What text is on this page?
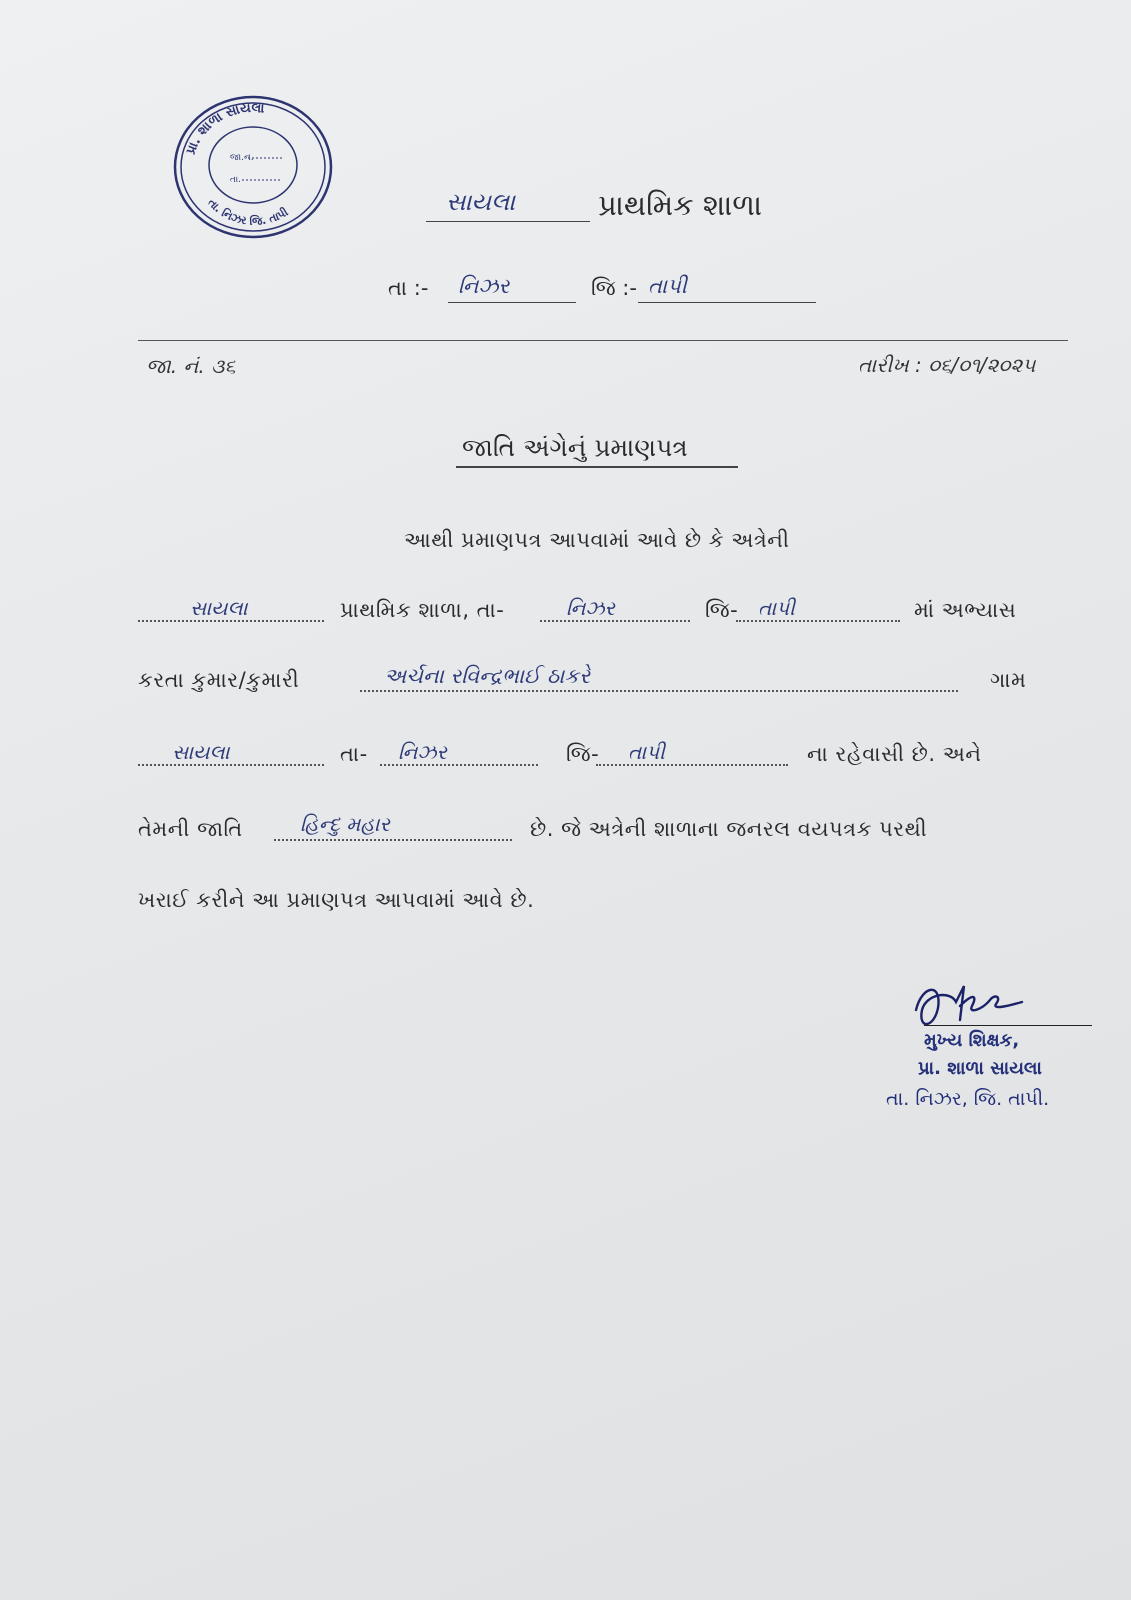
પ્રા. શાળા સાયલા
તા. નિઝર જિ. તાપી
જા.ન.
તા.
સાયલા	પ્રાથમિક શાળા
તા :- નિઝર	જિ :- તાપી
જા. નં. ૩૬	તારીખ : ૦૬/૦૧/૨૦૨૫
જાતિ અંગેનું પ્રમાણપત્ર
આથી પ્રમાણપત્ર આપવામાં આવે છે કે અત્રેની
સાયલા	પ્રાથમિક શાળા, તા-	નિઝર	જિ- તાપી	માં અભ્યાસ
કરતા કુમાર/કુમારી	અર્ચના રવિન્દ્રભાઈ ઠાકરે	ગામ
સાયલા	તા- નિઝર	જિ- તાપી	ના રહેવાસી છે. અને
તેમની જાતિ	હિન્દુ મહાર	છે. જે અત્રેની શાળાના જનરલ વયપત્રક પરથી
ખરાઈ કરીને આ પ્રમાણપત્ર આપવામાં આવે છે.
મુખ્ય શિક્ષક,
પ્રા. શાળા સાયલા
તા. નિઝર, જિ. તાપી.
